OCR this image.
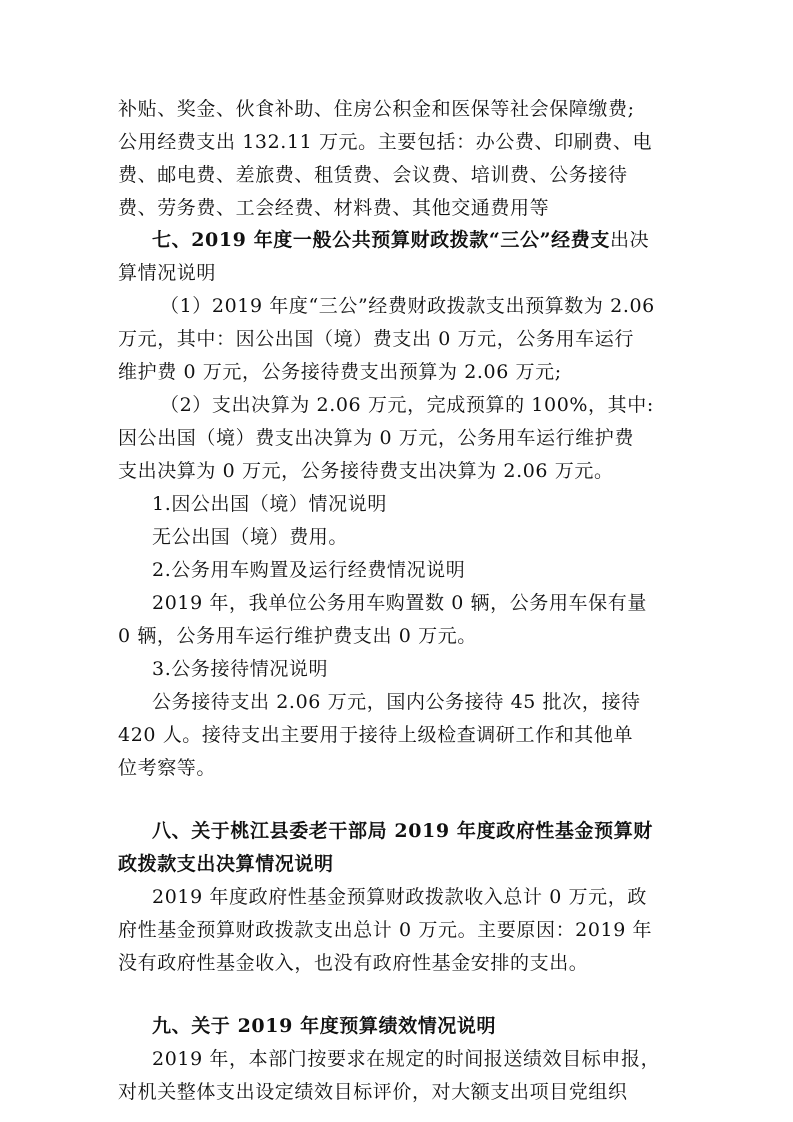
补贴、奖金、伙食补助、住房公积金和医保等社会保障缴费;
公用经费支出 132.11 万元。主要包括：办公费、印刷费、电
费、邮电费、差旅费、租赁费、会议费、培训费、公务接待
费、劳务费、工会经费、材料费、其他交通费用等
七、2019 年度一般公共预算财政拨款“三公”经费支出决
算情况说明
（1）2019 年度“三公”经费财政拨款支出预算数为 2.06
万元，其中：因公出国（境）费支出 0 万元，公务用车运行
维护费 0 万元，公务接待费支出预算为 2.06 万元;
（2）支出决算为 2.06 万元，完成预算的 100%，其中:
因公出国（境）费支出决算为 0 万元，公务用车运行维护费
支出决算为 0 万元，公务接待费支出决算为 2.06 万元。
1.因公出国（境）情况说明
无公出国（境）费用。
2.公务用车购置及运行经费情况说明
2019 年，我单位公务用车购置数 0 辆，公务用车保有量
0 辆，公务用车运行维护费支出 0 万元。
3.公务接待情况说明
公务接待支出 2.06 万元，国内公务接待 45 批次，接待
420 人。接待支出主要用于接待上级检查调研工作和其他单
位考察等。
八、关于桃江县委老干部局 2019 年度政府性基金预算财
政拨款支出决算情况说明
2019 年度政府性基金预算财政拨款收入总计 0 万元，政
府性基金预算财政拨款支出总计 0 万元。主要原因：2019 年
没有政府性基金收入，也没有政府性基金安排的支出。
九、关于 2019 年度预算绩效情况说明
2019 年，本部门按要求在规定的时间报送绩效目标申报，
对机关整体支出设定绩效目标评价，对大额支出项目党组织
